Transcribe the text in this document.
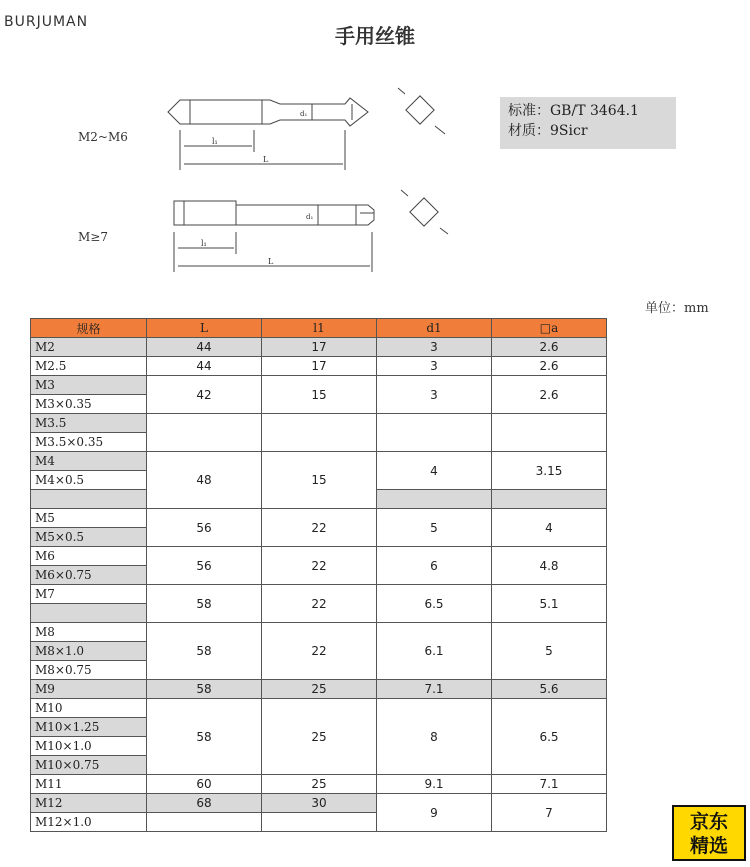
BURJUMAN
手用丝锥
l₁
L
d₁
l₁
L
d₁
M2~M6
M≥7
标准：GB/T 3464.1
材质：9Sicr
单位：mm
规格	L	l1	d1	□a
M2	44	17	3	2.6
M2.5	44	17	3	2.6
M3	42	15	3	2.6
M3×0.35				
M3.5				
M3.5×0.35				
M4	48	15	4	3.15
M4×0.5				

M5	56	22	5	4
M5×0.5				
M6	56	22	6	4.8
M6×0.75				
M7	58	22	6.5	5.1

M8	58	22	6.1	5
M8×1.0				
M8×0.75				
M9	58	25	7.1	5.6
M10	58	25	8	6.5
M10×1.25				
M10×1.0				
M10×0.75				
M11	60	25	9.1	7.1
M12	68	30	9	7
M12×1.0					京东
精选
